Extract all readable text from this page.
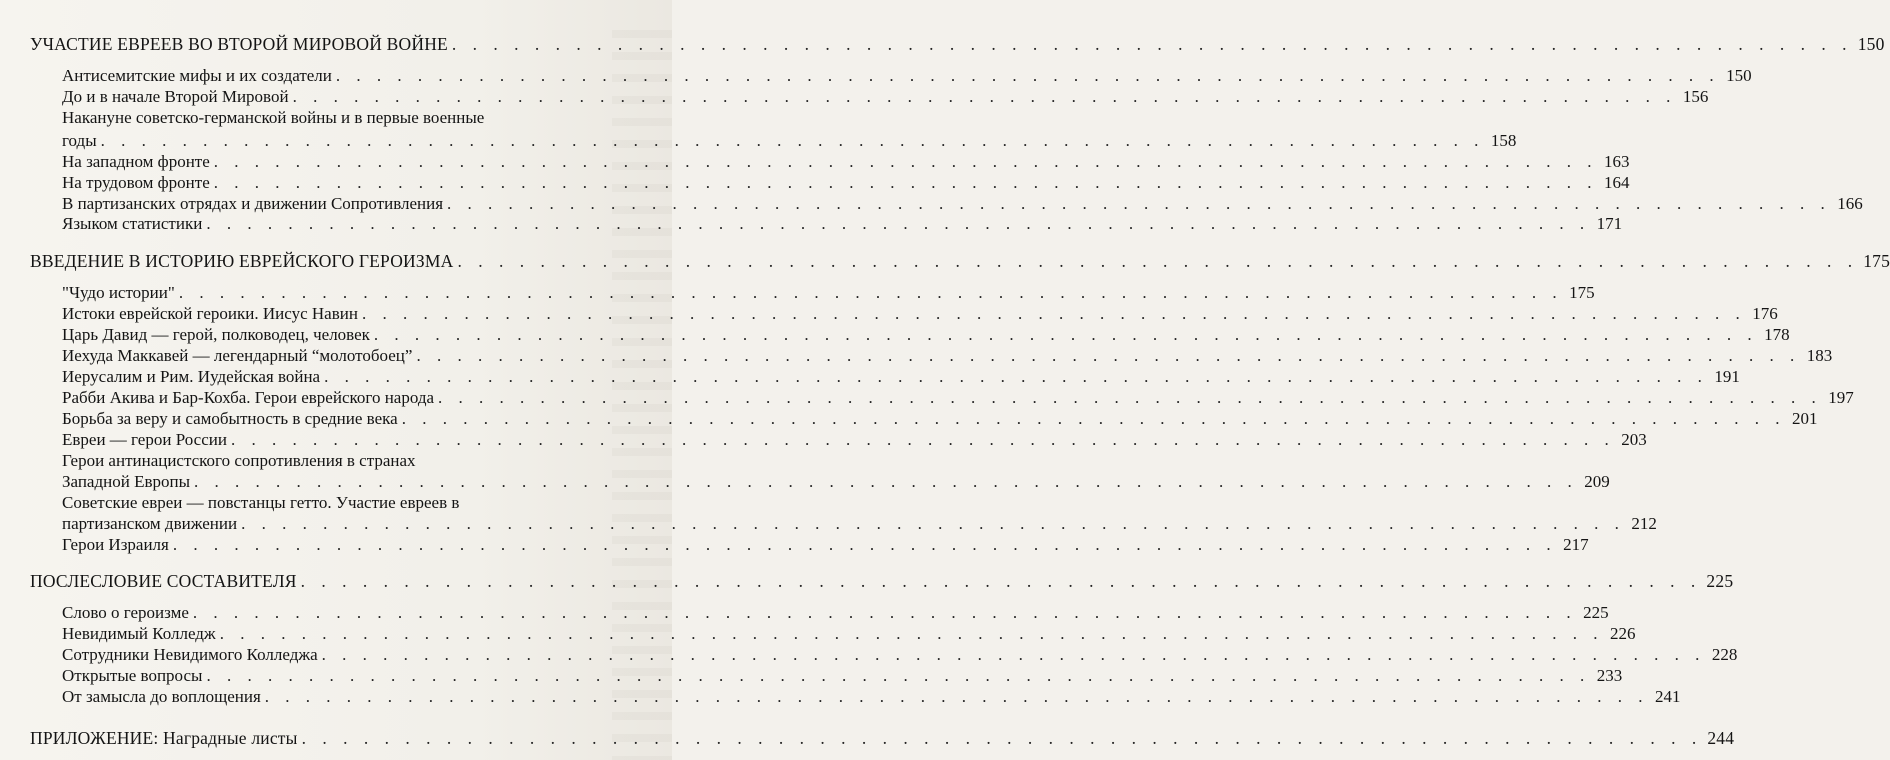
УЧАСТИЕ ЕВРЕЕВ ВО ВТОРОЙ МИРОВОЙ ВОЙНЕ . . .	150
Антисемитские мифы и их создатели . . .	150
До и в начале Второй Мировой . . .	156
Накануне советско-германской войны и в первые военные
годы . . .	158
На западном фронте . . .	163
На трудовом фронте . . .	164
В партизанских отрядах и движении Сопротивления . . .	166
Языком статистики . . .	171
ВВЕДЕНИЕ В ИСТОРИЮ ЕВРЕЙСКОГО ГЕРОИЗМА . . .	175
"Чудо истории" . . .	175
Истоки еврейской героики. Иисус Навин . . .	176
Царь Давид — герой, полководец, человек . . .	178
Иехуда Маккавей — легендарный “молотобоец” . . .	183
Иерусалим и Рим. Иудейская война . . .	191
Рабби Акива и Бар-Кохба. Герои еврейского народа . . .	197
Борьба за веру и самобытность в средние века . . .	201
Евреи — герои России . . .	203
Герои антинацистского сопротивления в странах
Западной Европы . . .	209
Советские евреи — повстанцы гетто. Участие евреев в
партизанском движении . . .	212
Герои Израиля . . .	217
ПОСЛЕСЛОВИЕ СОСТАВИТЕЛЯ . . .	225
Слово о героизме . . .	225
Невидимый Колледж . . .	226
Сотрудники Невидимого Колледжа . . .	228
Открытые вопросы . . .	233
От замысла до воплощения . . .	241
ПРИЛОЖЕНИЕ: Наградные листы . . .	244
